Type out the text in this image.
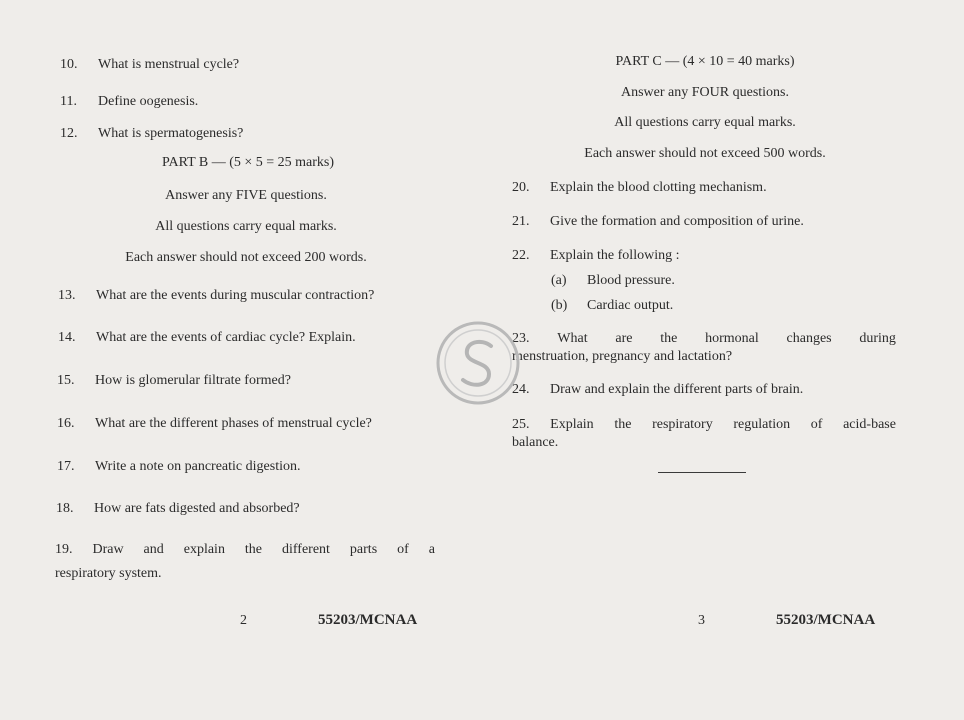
10. What is menstrual cycle?
11. Define oogenesis.
12. What is spermatogenesis?
PART B — (5 × 5 = 25 marks)
Answer any FIVE questions.
All questions carry equal marks.
Each answer should not exceed 200 words.
13. What are the events during muscular contraction?
14. What are the events of cardiac cycle? Explain.
15. How is glomerular filtrate formed?
16. What are the different phases of menstrual cycle?
17. Write a note on pancreatic digestion.
18. How are fats digested and absorbed?
19. Draw and explain the different parts of a
respiratory system.
2	55203/MCNAA
PART C — (4 × 10 = 40 marks)
Answer any FOUR questions.
All questions carry equal marks.
Each answer should not exceed 500 words.
20. Explain the blood clotting mechanism.
21. Give the formation and composition of urine.
22. Explain the following :
(a) Blood pressure.
(b) Cardiac output.
23. What are the hormonal changes during
menstruation, pregnancy and lactation?
24. Draw and explain the different parts of brain.
25. Explain the respiratory regulation of acid-base
balance.
3	55203/MCNAA
